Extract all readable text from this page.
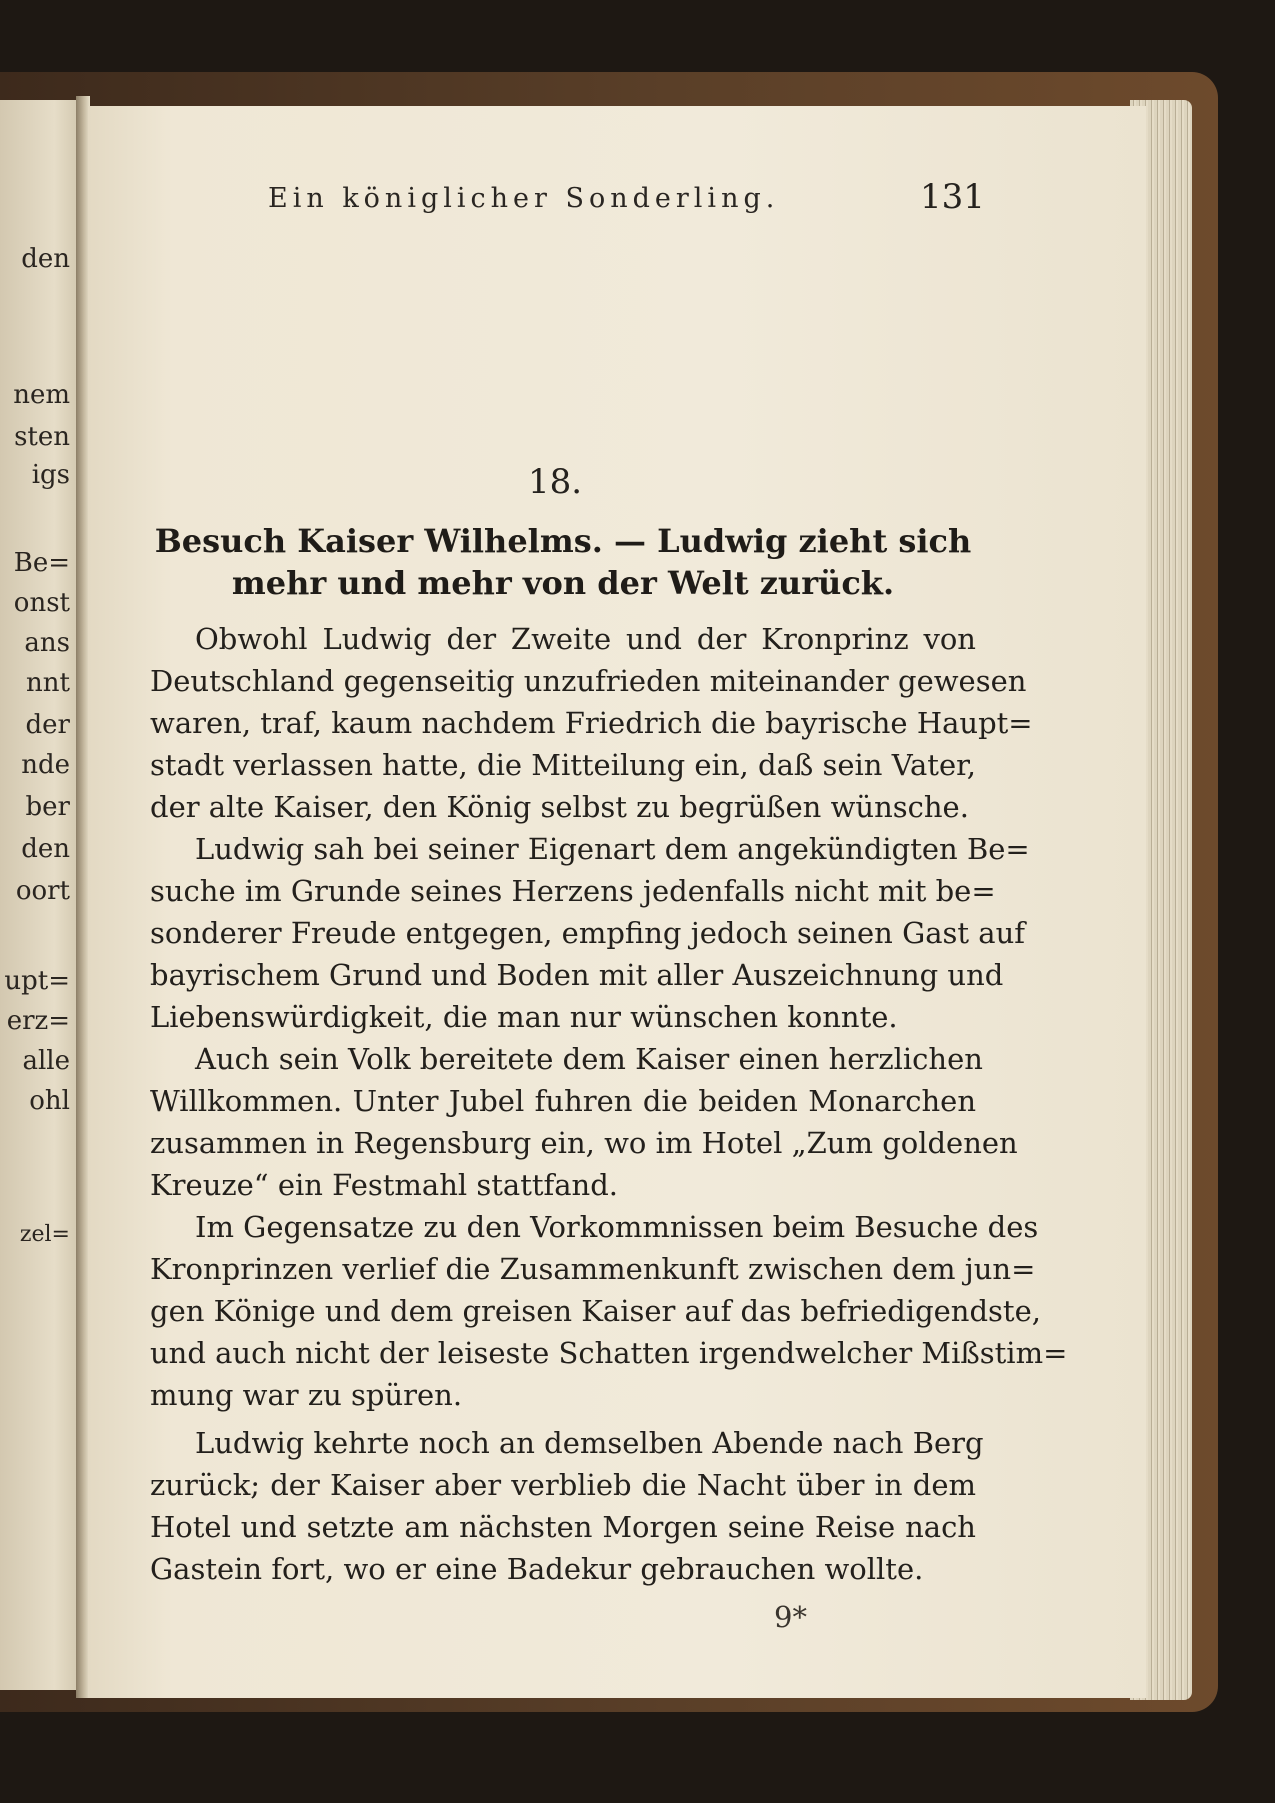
den
nem
sten
igs
Be=
onst
ans
nnt
der
nde
ber
den
oort
upt=
erz=
alle
ohl
zel=
Ein königlicher Sonderling.	131
18.
Besuch Kaiser Wilhelms. — Ludwig zieht sich mehr und mehr von der Welt zurück.
Obwohl Ludwig der Zweite und der Kronprinz von
Deutschland gegenseitig unzufrieden miteinander gewesen
waren, traf, kaum nachdem Friedrich die bayrische Haupt=
stadt verlassen hatte, die Mitteilung ein, daß sein Vater,
der alte Kaiser, den König selbst zu begrüßen wünsche.
Ludwig sah bei seiner Eigenart dem angekündigten Be=
suche im Grunde seines Herzens jedenfalls nicht mit be=
sonderer Freude entgegen, empfing jedoch seinen Gast auf
bayrischem Grund und Boden mit aller Auszeichnung und
Liebenswürdigkeit, die man nur wünschen konnte.
Auch sein Volk bereitete dem Kaiser einen herzlichen
Willkommen. Unter Jubel fuhren die beiden Monarchen
zusammen in Regensburg ein, wo im Hotel „Zum goldenen
Kreuze“ ein Festmahl stattfand.
Im Gegensatze zu den Vorkommnissen beim Besuche des
Kronprinzen verlief die Zusammenkunft zwischen dem jun=
gen Könige und dem greisen Kaiser auf das befriedigendste,
und auch nicht der leiseste Schatten irgendwelcher Mißstim=
mung war zu spüren.
Ludwig kehrte noch an demselben Abende nach Berg
zurück; der Kaiser aber verblieb die Nacht über in dem
Hotel und setzte am nächsten Morgen seine Reise nach
Gastein fort, wo er eine Badekur gebrauchen wollte.
9*
